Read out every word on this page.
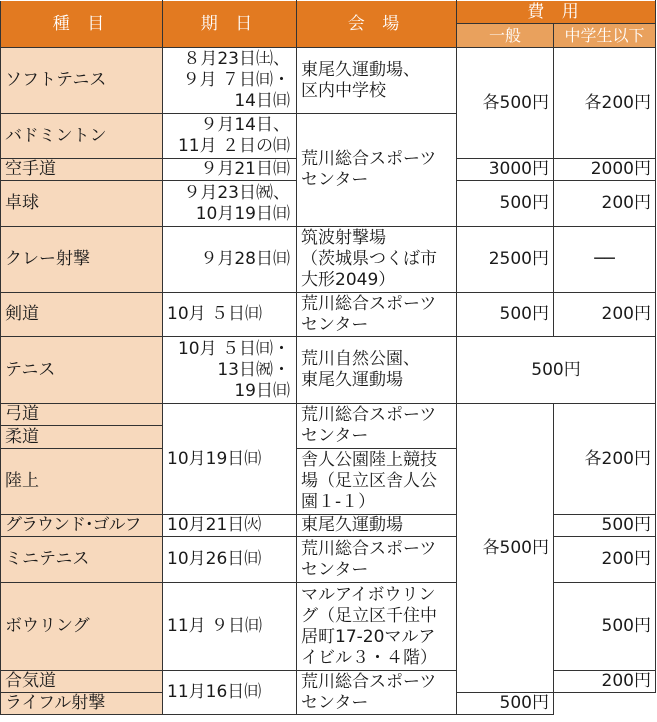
種 目	期 日	会 場	費 用	
			一般	中学生以下
ソフトテニス	８月23日㈯、
９月 ７日㈰・
14日㈰	東尾久運動場、
区内中学校	各500円	各200円
バドミントン	９月14日、
11月 ２日の㈰	荒川総合スポーツ
センター		

空手道	９月21日㈰		3000円	2000円
卓球	９月23日㈷、
10月19日㈰		500円	200円
クレー射撃	９月28日㈰	筑波射撃場
（茨城県つくば市
大形2049）	2500円	──
剣道	10月 ５日㈰	荒川総合スポーツ
センター	500円	200円
テニス	10月 ５日㈰・
13日㈷・
19日㈰	荒川自然公園、
東尾久運動場	500円	
弓道	10月19日㈰	荒川総合スポーツ
センター	各500円	各200円
柔道				
陸上		舎人公園陸上競技
場（足立区舎人公
園１-１）		

グラウンド･ゴルフ	10月21日㈫	東尾久運動場		500円
ミニテニス	10月26日㈰	荒川総合スポーツ
センター		200円
ボウリング	11月 ９日㈰	マルアイボウリン
グ（足立区千住中
居町17-20マルア
イビル３・４階）		500円
合気道	11月16日㈰	荒川総合スポーツ
センター		200円
ライフル射撃			500円	
